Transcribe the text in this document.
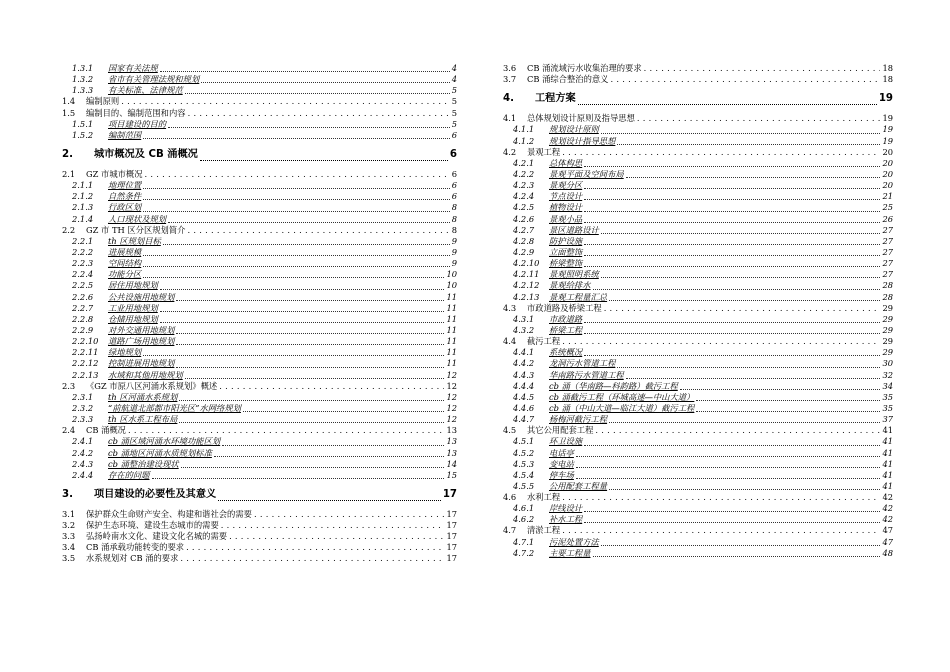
1.3.1	国家有关法规	4
1.3.2	省市有关管理法规和规划	4
1.3.3	有关标准、法律规范	5
1.4	编制原则 . . .	5
1.5	编制目的、编制范围和内容 . . .	5
1.5.1	项目建设的目的	5
1.5.2	编制范围	6
2.	城市概况及 CB 涌概况	6
2.1	GZ 市城市概况 . . .	6
2.1.1	地理位置	6
2.1.2	自然条件	6
2.1.3	行政区划	8
2.1.4	人口现状及规划	8
2.2	GZ 市 TH 区分区规划简介 . . .	8
2.2.1	th 区规划目标	9
2.2.2	进展规模	9
2.2.3	空间结构	9
2.2.4	功能分区	10
2.2.5	居住用地规划	10
2.2.6	公共设施用地规划	11
2.2.7	工业用地规划	11
2.2.8	仓储用地规划	11
2.2.9	对外交通用地规划	11
2.2.10	道路广场用地规划	11
2.2.11	绿地规划	11
2.2.12	控制进展用地规划	11
2.2.13	水域和其他用地规划	12
2.3	《GZ 市原八区河涌水系规划》概述 . . .	12
2.3.1	th 区河涌水系规划	12
2.3.2	“前航道北部都市阳光区”水网络规划	12
2.3.3	th 区水系工程布局	12
2.4	CB 涌概况 . . .	13
2.4.1	cb 涌区域河涌水环境功能区划	13
2.4.2	cb 涌地区河涌水质规划标准	13
2.4.3	cb 涌整治建设现状	14
2.4.4	存在的问题	15
3.	项目建设的必要性及其意义	17
3.1	保护群众生命财产安全、构建和谐社会的需要 . . .	17
3.2	保护生态环境、建设生态城市的需要 . . .	17
3.3	弘扬岭南水文化、建设文化名城的需要 . . .	17
3.4	CB 涌承载功能转变的要求 . . .	17
3.5	水系规划对 CB 涌的要求 . . .	17
3.6	CB 涌流域污水收集治理的要求 . . .	18
3.7	CB 涌综合整治的意义 . . .	18
4.	工程方案	19
4.1	总体规划设计原则及指导思想 . . .	19
4.1.1	规划设计原则	19
4.1.2	规划设计指导思想	19
4.2	景观工程 . . .	20
4.2.1	总体构思	20
4.2.2	景观平面及空间布局	20
4.2.3	景观分区	20
4.2.4	节点设计	21
4.2.5	植物设计	25
4.2.6	景观小品	26
4.2.7	景区道路设计	27
4.2.8	防护设施	27
4.2.9	立面整饰	27
4.2.10	桥梁整饰	27
4.2.11	景观照明系统	27
4.2.12	景观给排水	28
4.2.13	景观工程量汇总	28
4.3	市政道路及桥梁工程 . . .	29
4.3.1	市政道路	29
4.3.2	桥梁工程	29
4.4	截污工程 . . .	29
4.4.1	系统概况	29
4.4.2	龙洞污水管道工程	30
4.4.3	华南路污水管道工程	32
4.4.4	cb 涌（华南路—科韵路）截污工程	34
4.4.5	cb 涌截污工程（环城高速—中山大道）	35
4.4.6	cb 涌（中山大道—临江大道）截污工程	35
4.4.7	杨梅河截污工程	37
4.5	其它公用配套工程 . . .	41
4.5.1	环卫设施	41
4.5.2	电话亭	41
4.5.3	变电站	41
4.5.4	停车场	41
4.5.5	公用配套工程量	41
4.6	水利工程 . . .	42
4.6.1	岸线设计	42
4.6.2	补水工程	42
4.7	清淤工程 . . .	47
4.7.1	污泥处置方法	47
4.7.2	主要工程量	48
